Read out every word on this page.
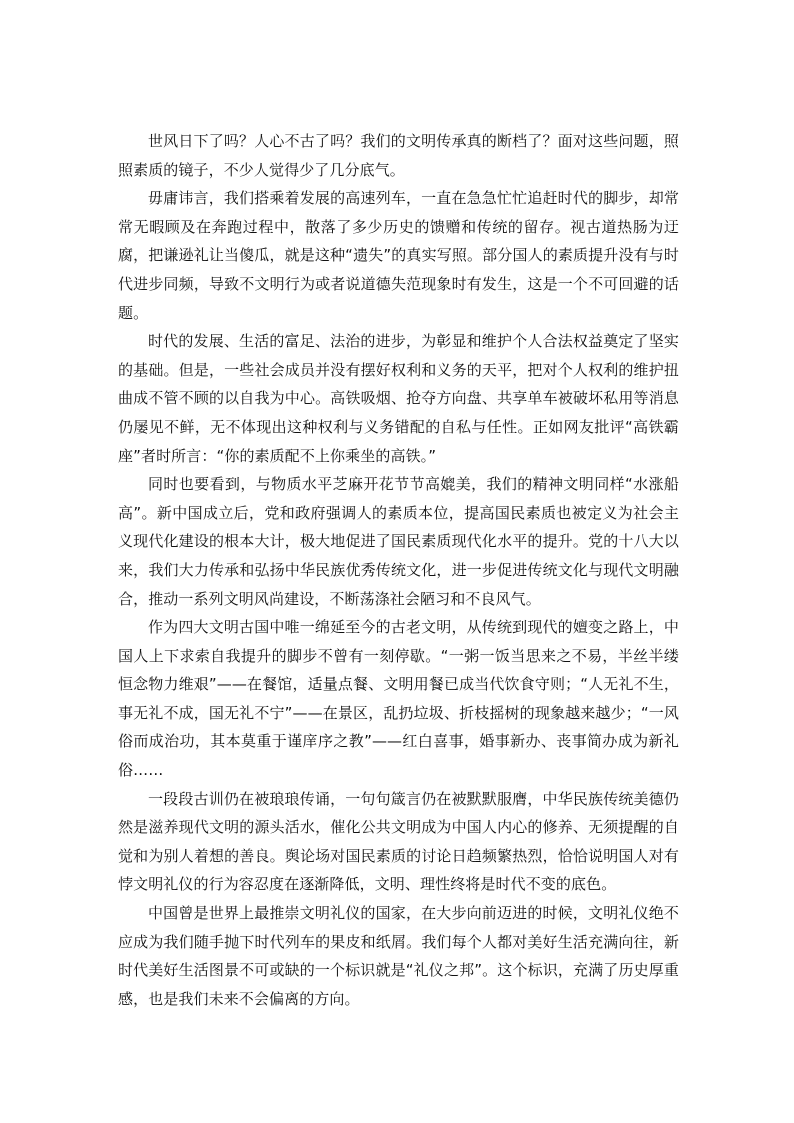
世风日下了吗？人心不古了吗？我们的文明传承真的断档了？面对这些问题，照照素质的镜子，不少人觉得少了几分底气。

毋庸讳言，我们搭乘着发展的高速列车，一直在急急忙忙追赶时代的脚步，却常常无暇顾及在奔跑过程中，散落了多少历史的馈赠和传统的留存。视古道热肠为迂腐，把谦逊礼让当傻瓜，就是这种“遗失”的真实写照。部分国人的素质提升没有与时代进步同频，导致不文明行为或者说道德失范现象时有发生，这是一个不可回避的话题。

时代的发展、生活的富足、法治的进步，为彰显和维护个人合法权益奠定了坚实的基础。但是，一些社会成员并没有摆好权利和义务的天平，把对个人权利的维护扭曲成不管不顾的以自我为中心。高铁吸烟、抢夺方向盘、共享单车被破坏私用等消息仍屡见不鲜，无不体现出这种权利与义务错配的自私与任性。正如网友批评“高铁霸座”者时所言：“你的素质配不上你乘坐的高铁。”

同时也要看到，与物质水平芝麻开花节节高媲美，我们的精神文明同样“水涨船高”。新中国成立后，党和政府强调人的素质本位，提高国民素质也被定义为社会主义现代化建设的根本大计，极大地促进了国民素质现代化水平的提升。党的十八大以来，我们大力传承和弘扬中华民族优秀传统文化，进一步促进传统文化与现代文明融合，推动一系列文明风尚建设，不断荡涤社会陋习和不良风气。

作为四大文明古国中唯一绵延至今的古老文明，从传统到现代的嬗变之路上，中国人上下求索自我提升的脚步不曾有一刻停歇。“一粥一饭当思来之不易，半丝半缕恒念物力维艰”——在餐馆，适量点餐、文明用餐已成当代饮食守则；“人无礼不生，事无礼不成，国无礼不宁”——在景区，乱扔垃圾、折枝摇树的现象越来越少；“一风俗而成治功，其本莫重于谨庠序之教”——红白喜事，婚事新办、丧事简办成为新礼俗……

一段段古训仍在被琅琅传诵，一句句箴言仍在被默默服膺，中华民族传统美德仍然是滋养现代文明的源头活水，催化公共文明成为中国人内心的修养、无须提醒的自觉和为别人着想的善良。舆论场对国民素质的讨论日趋频繁热烈，恰恰说明国人对有悖文明礼仪的行为容忍度在逐渐降低，文明、理性终将是时代不变的底色。

中国曾是世界上最推崇文明礼仪的国家，在大步向前迈进的时候，文明礼仪绝不应成为我们随手抛下时代列车的果皮和纸屑。我们每个人都对美好生活充满向往，新时代美好生活图景不可或缺的一个标识就是“礼仪之邦”。这个标识，充满了历史厚重感，也是我们未来不会偏离的方向。
